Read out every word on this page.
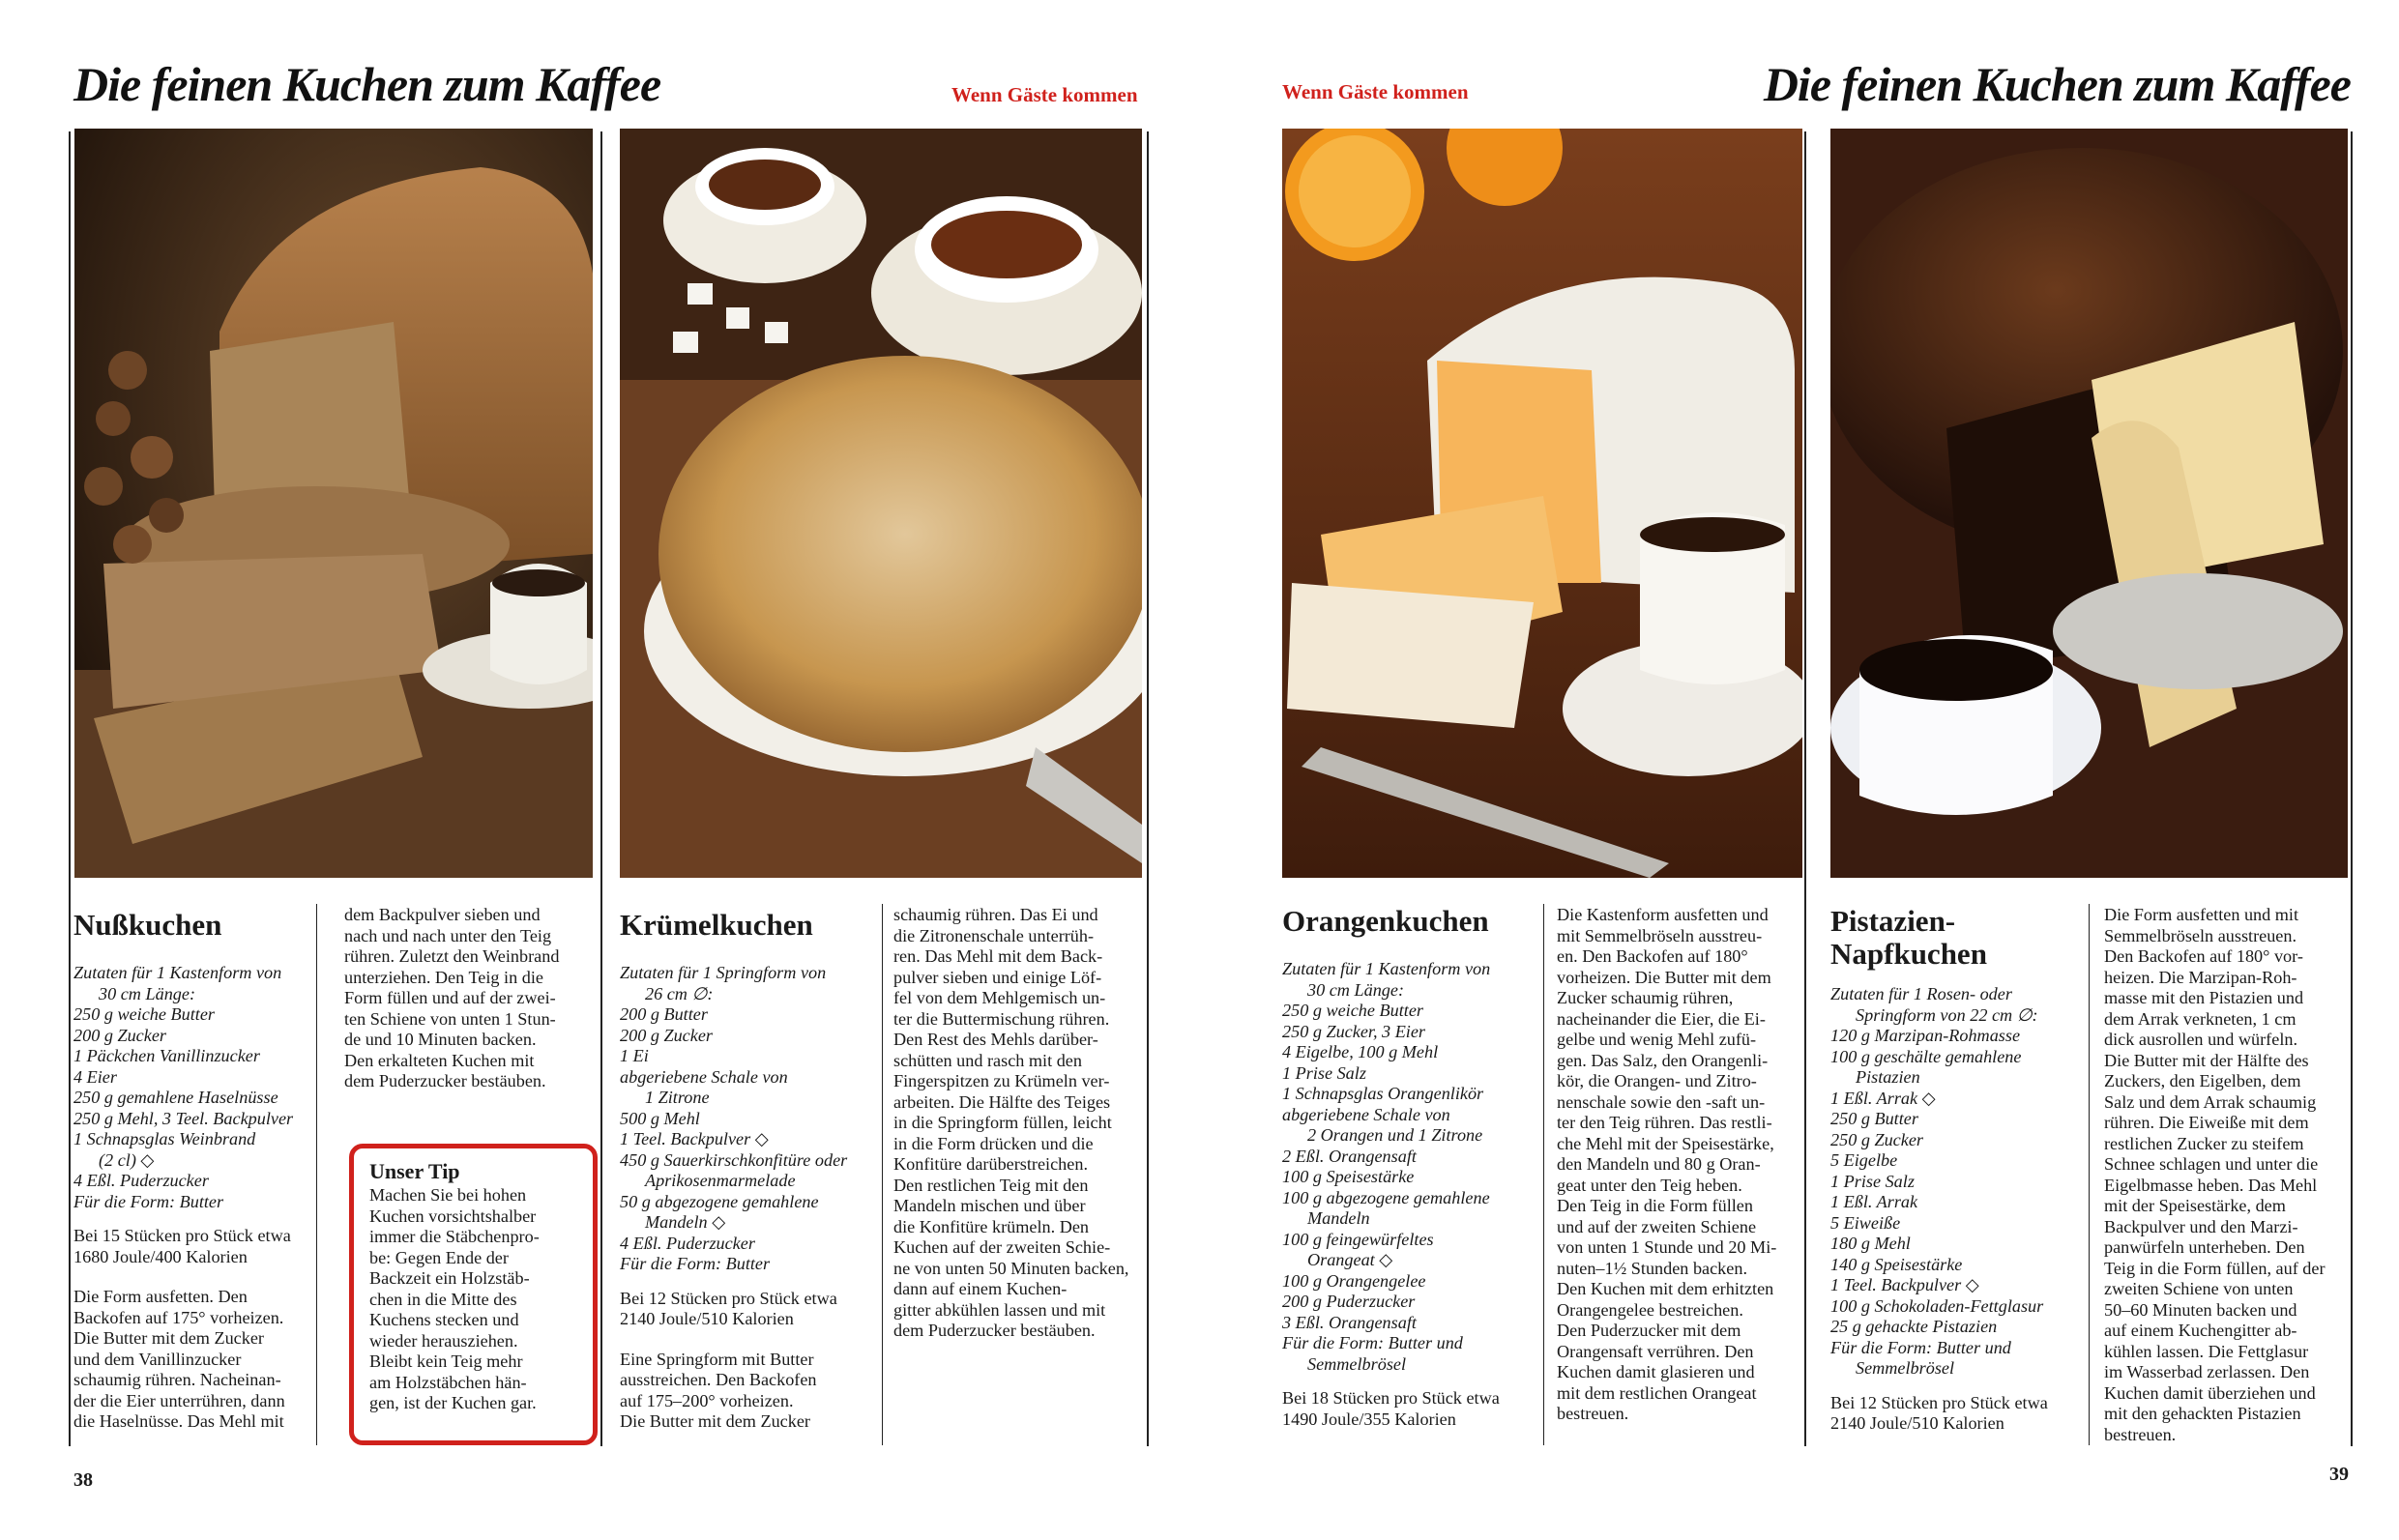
Die feinen Kuchen zum Kaffee	Wenn Gäste kommen	Wenn Gäste kommen	Die feinen Kuchen zum Kaffee
Nußkuchen
Zutaten für 1 Kastenform von
30 cm Länge:
250 g weiche Butter
200 g Zucker
1 Päckchen Vanillinzucker
4 Eier
250 g gemahlene Haselnüsse
250 g Mehl, 3 Teel. Backpulver
1 Schnapsglas Weinbrand
(2 cl) ◇
4 Eßl. Puderzucker
Für die Form: Butter
Bei 15 Stücken pro Stück etwa
1680 Joule/400 Kalorien
Die Form ausfetten. Den
Backofen auf 175° vorheizen.
Die Butter mit dem Zucker
und dem Vanillinzucker
schaumig rühren. Nacheinan-
der die Eier unterrühren, dann
die Haselnüsse. Das Mehl mit
dem Backpulver sieben und
nach und nach unter den Teig
rühren. Zuletzt den Weinbrand
unterziehen. Den Teig in die
Form füllen und auf der zwei-
ten Schiene von unten 1 Stun-
de und 10 Minuten backen.
Den erkalteten Kuchen mit
dem Puderzucker bestäuben.
Unser Tip
Machen Sie bei hohen
Kuchen vorsichtshalber
immer die Stäbchenpro-
be: Gegen Ende der
Backzeit ein Holzstäb-
chen in die Mitte des
Kuchens stecken und
wieder herausziehen.
Bleibt kein Teig mehr
am Holzstäbchen hän-
gen, ist der Kuchen gar.
Krümelkuchen
Zutaten für 1 Springform von
26 cm ∅:
200 g Butter
200 g Zucker
1 Ei
abgeriebene Schale von
1 Zitrone
500 g Mehl
1 Teel. Backpulver ◇
450 g Sauerkirschkonfitüre oder
Aprikosenmarmelade
50 g abgezogene gemahlene
Mandeln ◇
4 Eßl. Puderzucker
Für die Form: Butter
Bei 12 Stücken pro Stück etwa
2140 Joule/510 Kalorien
Eine Springform mit Butter
ausstreichen. Den Backofen
auf 175–200° vorheizen.
Die Butter mit dem Zucker
schaumig rühren. Das Ei und
die Zitronenschale unterrüh-
ren. Das Mehl mit dem Back-
pulver sieben und einige Löf-
fel von dem Mehlgemisch un-
ter die Buttermischung rühren.
Den Rest des Mehls darüber-
schütten und rasch mit den
Fingerspitzen zu Krümeln ver-
arbeiten. Die Hälfte des Teiges
in die Springform füllen, leicht
in die Form drücken und die
Konfitüre darüberstreichen.
Den restlichen Teig mit den
Mandeln mischen und über
die Konfitüre krümeln. Den
Kuchen auf der zweiten Schie-
ne von unten 50 Minuten backen,
dann auf einem Kuchen-
gitter abkühlen lassen und mit
dem Puderzucker bestäuben.
Orangenkuchen
Zutaten für 1 Kastenform von
30 cm Länge:
250 g weiche Butter
250 g Zucker, 3 Eier
4 Eigelbe, 100 g Mehl
1 Prise Salz
1 Schnapsglas Orangenlikör
abgeriebene Schale von
2 Orangen und 1 Zitrone
2 Eßl. Orangensaft
100 g Speisestärke
100 g abgezogene gemahlene
Mandeln
100 g feingewürfeltes
Orangeat ◇
100 g Orangengelee
200 g Puderzucker
3 Eßl. Orangensaft
Für die Form: Butter und
Semmelbrösel
Bei 18 Stücken pro Stück etwa
1490 Joule/355 Kalorien
Die Kastenform ausfetten und
mit Semmelbröseln ausstreu-
en. Den Backofen auf 180°
vorheizen. Die Butter mit dem
Zucker schaumig rühren,
nacheinander die Eier, die Ei-
gelbe und wenig Mehl zufü-
gen. Das Salz, den Orangenli-
kör, die Orangen- und Zitro-
nenschale sowie den -saft un-
ter den Teig rühren. Das restli-
che Mehl mit der Speisestärke,
den Mandeln und 80 g Oran-
geat unter den Teig heben.
Den Teig in die Form füllen
und auf der zweiten Schiene
von unten 1 Stunde und 20 Mi-
nuten–1½ Stunden backen.
Den Kuchen mit dem erhitzten
Orangengelee bestreichen.
Den Puderzucker mit dem
Orangensaft verrühren. Den
Kuchen damit glasieren und
mit dem restlichen Orangeat
bestreuen.
Pistazien-
Napfkuchen
Zutaten für 1 Rosen- oder
Springform von 22 cm ∅:
120 g Marzipan-Rohmasse
100 g geschälte gemahlene
Pistazien
1 Eßl. Arrak ◇
250 g Butter
250 g Zucker
5 Eigelbe
1 Prise Salz
1 Eßl. Arrak
5 Eiweiße
180 g Mehl
140 g Speisestärke
1 Teel. Backpulver ◇
100 g Schokoladen-Fettglasur
25 g gehackte Pistazien
Für die Form: Butter und
Semmelbrösel
Bei 12 Stücken pro Stück etwa
2140 Joule/510 Kalorien
Die Form ausfetten und mit
Semmelbröseln ausstreuen.
Den Backofen auf 180° vor-
heizen. Die Marzipan-Roh-
masse mit den Pistazien und
dem Arrak verkneten, 1 cm
dick ausrollen und würfeln.
Die Butter mit der Hälfte des
Zuckers, den Eigelben, dem
Salz und dem Arrak schaumig
rühren. Die Eiweiße mit dem
restlichen Zucker zu steifem
Schnee schlagen und unter die
Eigelbmasse heben. Das Mehl
mit der Speisestärke, dem
Backpulver und den Marzi-
panwürfeln unterheben. Den
Teig in die Form füllen, auf der
zweiten Schiene von unten
50–60 Minuten backen und
auf einem Kuchengitter ab-
kühlen lassen. Die Fettglasur
im Wasserbad zerlassen. Den
Kuchen damit überziehen und
mit den gehackten Pistazien
bestreuen.
38	39
